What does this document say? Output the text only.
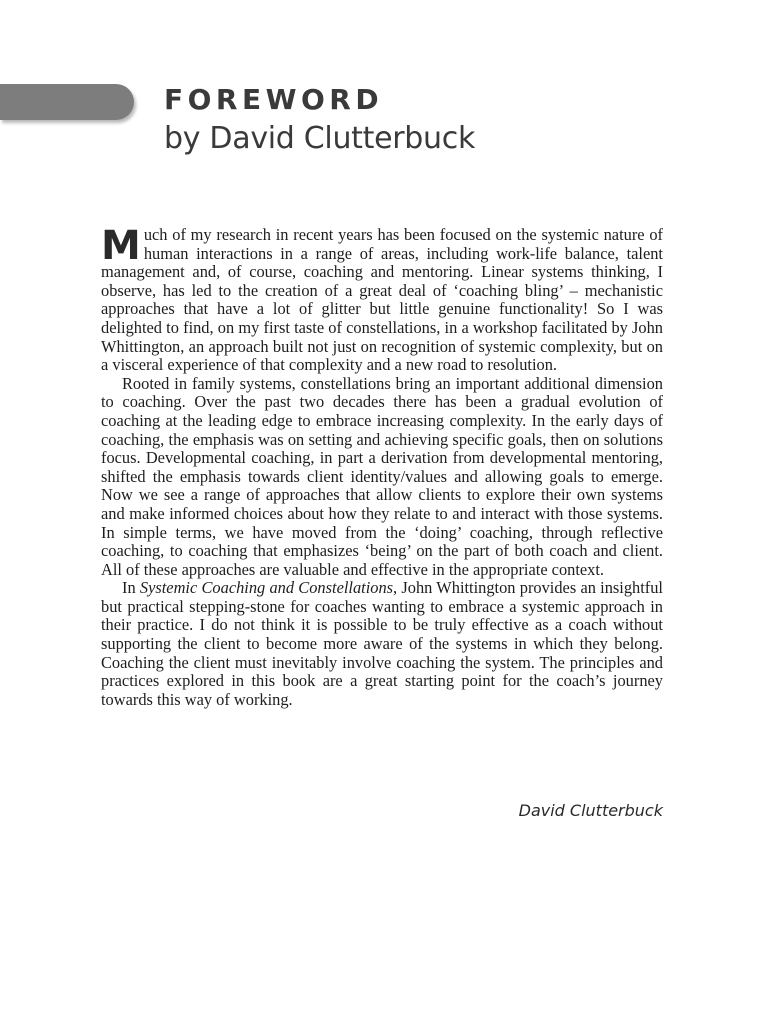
FOREWORD
by David Clutterbuck

Much of my research in recent years has been focused on the systemic nature of human interactions in a range of areas, including work-life balance, talent management and, of course, coaching and mentoring. Linear systems thinking, I observe, has led to the creation of a great deal of ‘coaching bling’ – mechanistic approaches that have a lot of glitter but little genuine functionality! So I was delighted to find, on my first taste of constellations, in a workshop facilitated by John Whittington, an approach built not just on recognition of systemic complexity, but on a visceral experience of that complexity and a new road to resolution.

Rooted in family systems, constellations bring an important additional dimension to coaching. Over the past two decades there has been a gradual evolution of coaching at the leading edge to embrace increasing complexity. In the early days of coaching, the emphasis was on setting and achieving specific goals, then on solutions focus. Developmental coaching, in part a derivation from developmental mentoring, shifted the emphasis towards client identity/values and allowing goals to emerge. Now we see a range of approaches that allow clients to explore their own systems and make informed choices about how they relate to and interact with those systems. In simple terms, we have moved from the ‘doing’ coaching, through reflective coaching, to coaching that emphasizes ‘being’ on the part of both coach and client. All of these approaches are valuable and effective in the appropriate context.

In Systemic Coaching and Constellations, John Whittington provides an insightful but practical stepping-stone for coaches wanting to embrace a systemic approach in their practice. I do not think it is possible to be truly effective as a coach without supporting the client to become more aware of the systems in which they belong. Coaching the client must inevitably involve coaching the system. The principles and practices explored in this book are a great starting point for the coach’s journey towards this way of working.

David Clutterbuck
